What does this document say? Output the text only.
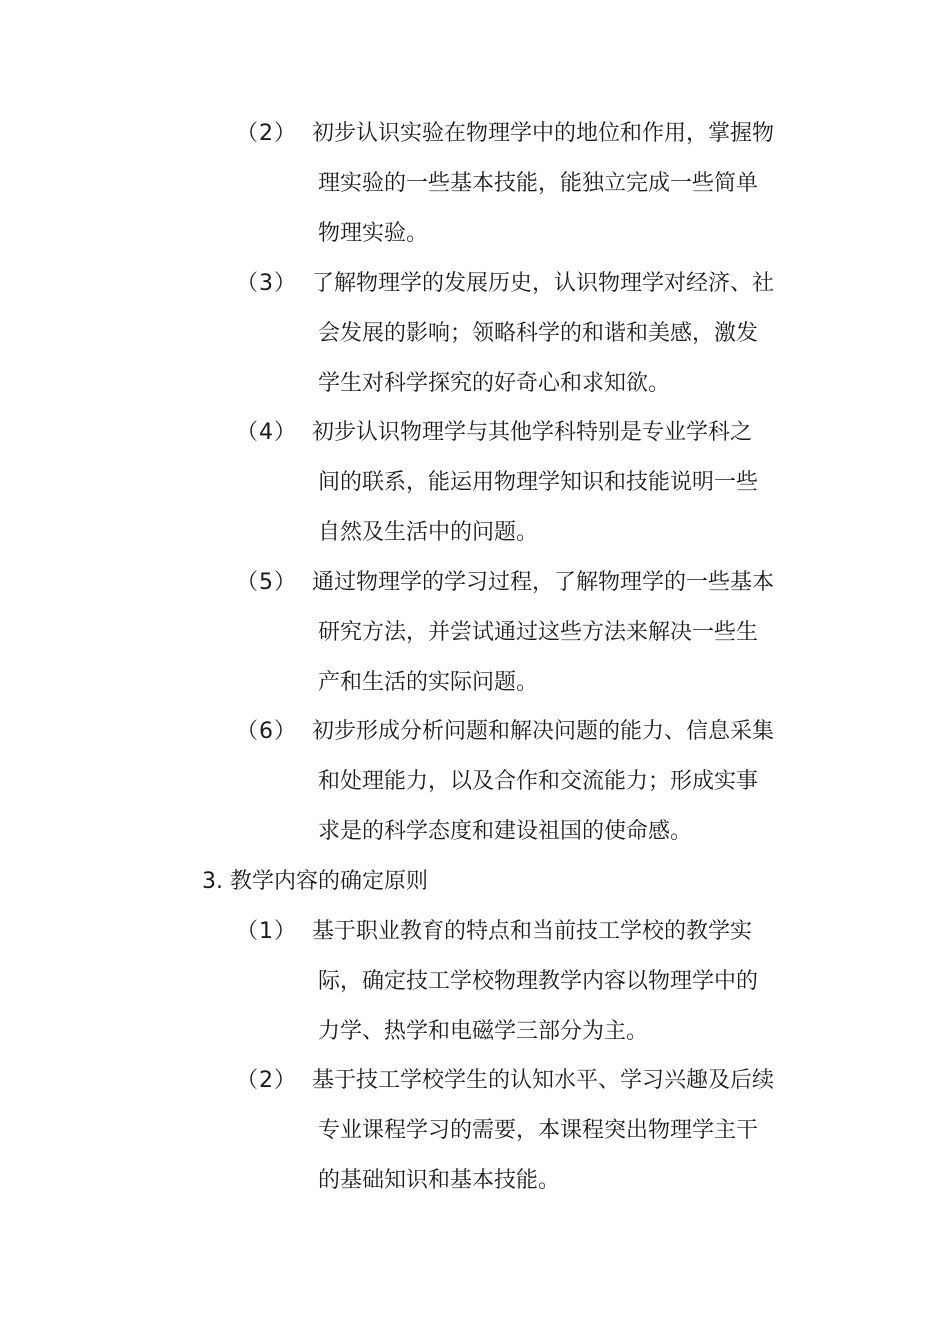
（2） 初步认识实验在物理学中的地位和作用，掌握物
理实验的一些基本技能，能独立完成一些简单
物理实验。
（3） 了解物理学的发展历史，认识物理学对经济、社
会发展的影响；领略科学的和谐和美感，激发
学生对科学探究的好奇心和求知欲。
（4） 初步认识物理学与其他学科特别是专业学科之
间的联系，能运用物理学知识和技能说明一些
自然及生活中的问题。
（5） 通过物理学的学习过程，了解物理学的一些基本
研究方法，并尝试通过这些方法来解决一些生
产和生活的实际问题。
（6） 初步形成分析问题和解决问题的能力、信息采集
和处理能力，以及合作和交流能力；形成实事
求是的科学态度和建设祖国的使命感。
3. 教学内容的确定原则
（1） 基于职业教育的特点和当前技工学校的教学实
际，确定技工学校物理教学内容以物理学中的
力学、热学和电磁学三部分为主。
（2） 基于技工学校学生的认知水平、学习兴趣及后续
专业课程学习的需要，本课程突出物理学主干
的基础知识和基本技能。
